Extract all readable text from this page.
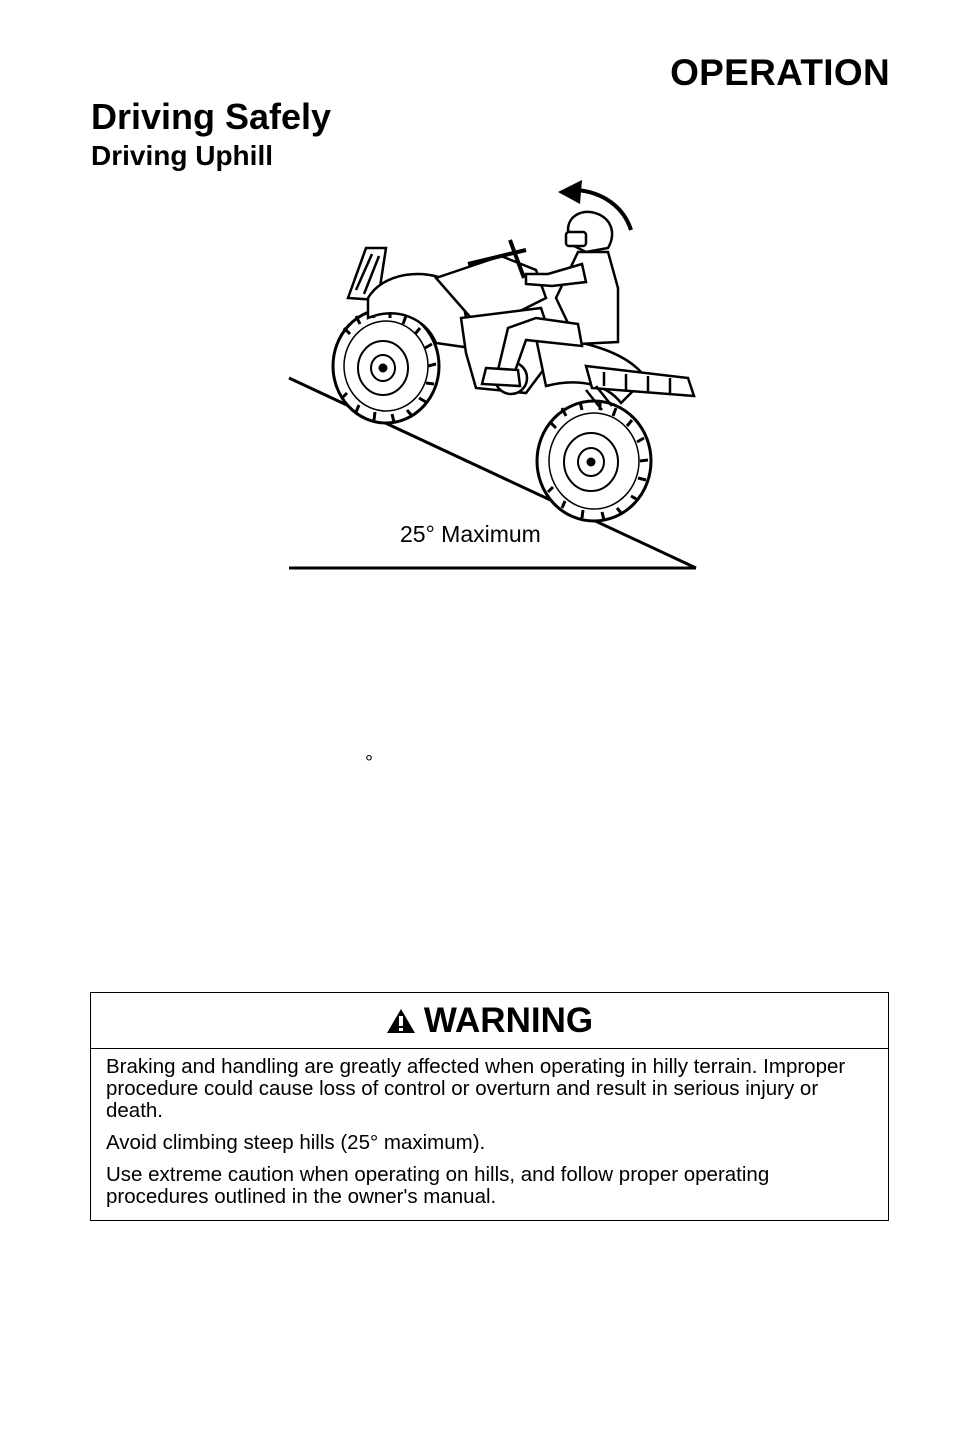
OPERATION
Driving Safely
Driving Uphill
25° Maximum
°
WARNING

Braking and handling are greatly affected when operating in hilly terrain. Improper procedure could cause loss of control or overturn and result in serious injury or death.

Avoid climbing steep hills (25° maximum).

Use extreme caution when operating on hills, and follow proper operating procedures outlined in the owner's manual.
